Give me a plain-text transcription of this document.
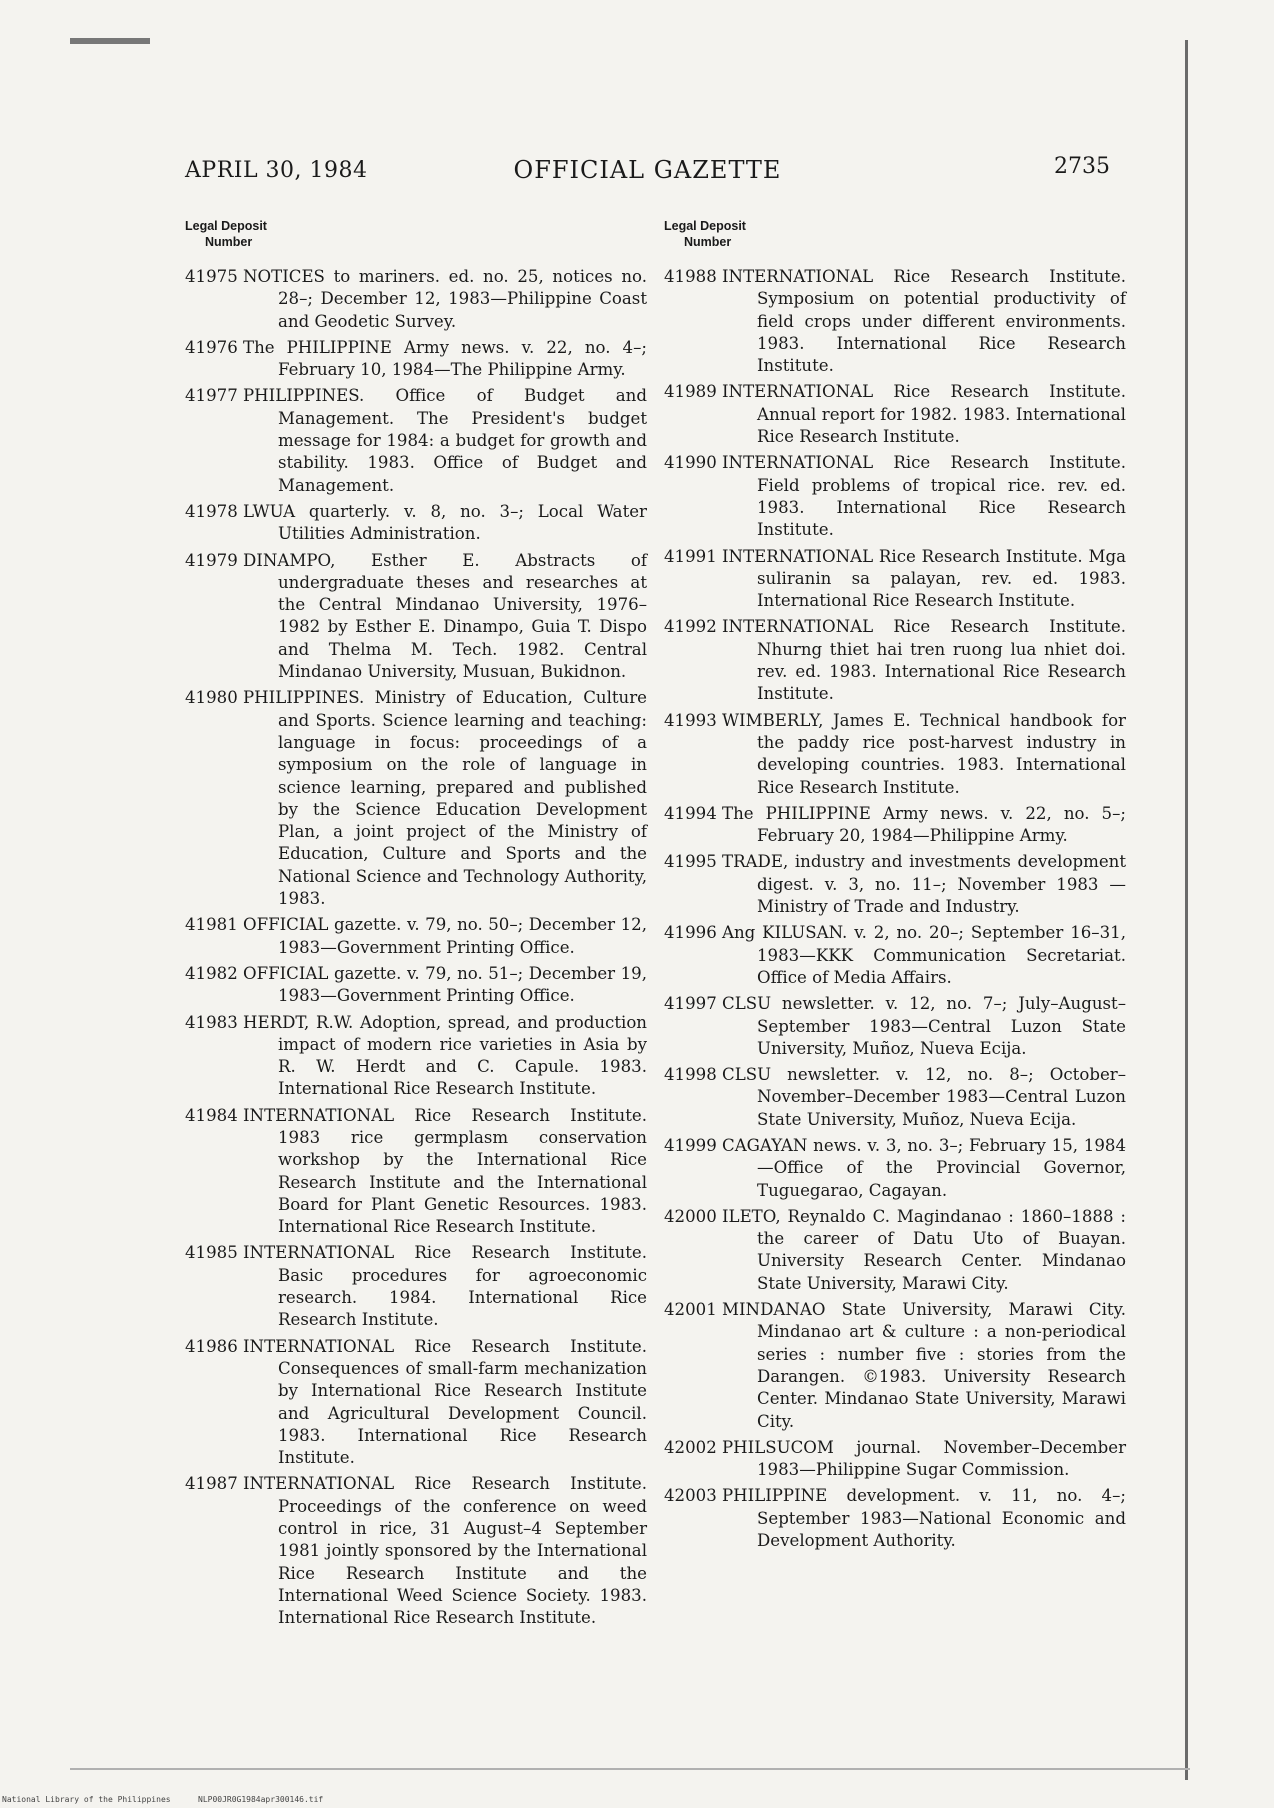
APRIL 30, 1984	OFFICIAL GAZETTE	2735
Legal Deposit
Number

41975 NOTICES to mariners. ed. no. 25, notices no. 28–; December 12, 1983—Philippine Coast and Geodetic Survey.

41976 The PHILIPPINE Army news. v. 22, no. 4–; February 10, 1984—The Philippine Army.

41977 PHILIPPINES. Office of Budget and Management. The President's budget message for 1984: a budget for growth and stability. 1983. Office of Budget and Management.

41978 LWUA quarterly. v. 8, no. 3–; Local Water Utilities Administration.

41979 DINAMPO, Esther E. Abstracts of undergraduate theses and researches at the Central Mindanao University, 1976–1982 by Esther E. Dinampo, Guia T. Dispo and Thelma M. Tech. 1982. Central Mindanao University, Musuan, Bukidnon.

41980 PHILIPPINES. Ministry of Education, Culture and Sports. Science learning and teaching: language in focus: proceedings of a symposium on the role of language in science learning, prepared and published by the Science Education Development Plan, a joint project of the Ministry of Education, Culture and Sports and the National Science and Technology Authority, 1983.

41981 OFFICIAL gazette. v. 79, no. 50–; December 12, 1983—Government Printing Office.

41982 OFFICIAL gazette. v. 79, no. 51–; December 19, 1983—Government Printing Office.

41983 HERDT, R.W. Adoption, spread, and production impact of modern rice varieties in Asia by R. W. Herdt and C. Capule. 1983. International Rice Research Institute.

41984 INTERNATIONAL Rice Research Institute. 1983 rice germplasm conservation workshop by the International Rice Research Institute and the International Board for Plant Genetic Resources. 1983. International Rice Research Institute.

41985 INTERNATIONAL Rice Research Institute. Basic procedures for agroeconomic research. 1984. International Rice Research Institute.

41986 INTERNATIONAL Rice Research Institute. Consequences of small-farm mechanization by International Rice Research Institute and Agricultural Development Council. 1983. International Rice Research Institute.

41987 INTERNATIONAL Rice Research Institute. Proceedings of the conference on weed control in rice, 31 August–4 September 1981 jointly sponsored by the International Rice Research Institute and the International Weed Science Society. 1983. International Rice Research Institute.

Legal Deposit
Number

41988 INTERNATIONAL Rice Research Institute. Symposium on potential productivity of field crops under different environments. 1983. International Rice Research Institute.

41989 INTERNATIONAL Rice Research Institute. Annual report for 1982. 1983. International Rice Research Institute.

41990 INTERNATIONAL Rice Research Institute. Field problems of tropical rice. rev. ed. 1983. International Rice Research Institute.

41991 INTERNATIONAL Rice Research Institute. Mga suliranin sa palayan, rev. ed. 1983. International Rice Research Institute.

41992 INTERNATIONAL Rice Research Institute. Nhurng thiet hai tren ruong lua nhiet doi. rev. ed. 1983. International Rice Research Institute.

41993 WIMBERLY, James E. Technical handbook for the paddy rice post-harvest industry in developing countries. 1983. International Rice Research Institute.

41994 The PHILIPPINE Army news. v. 22, no. 5–; February 20, 1984—Philippine Army.

41995 TRADE, industry and investments development digest. v. 3, no. 11–; November 1983 —Ministry of Trade and Industry.

41996 Ang KILUSAN. v. 2, no. 20–; September 16–31, 1983—KKK Communication Secretariat. Office of Media Affairs.

41997 CLSU newsletter. v. 12, no. 7–; July–August–September 1983—Central Luzon State University, Muñoz, Nueva Ecija.

41998 CLSU newsletter. v. 12, no. 8–; October–November–December 1983—Central Luzon State University, Muñoz, Nueva Ecija.

41999 CAGAYAN news. v. 3, no. 3–; February 15, 1984—Office of the Provincial Governor, Tuguegarao, Cagayan.

42000 ILETO, Reynaldo C. Magindanao : 1860–1888 : the career of Datu Uto of Buayan. University Research Center. Mindanao State University, Marawi City.

42001 MINDANAO State University, Marawi City. Mindanao art & culture : a non-periodical series : number five : stories from the Darangen. ©1983. University Research Center. Mindanao State University, Marawi City.

42002 PHILSUCOM journal. November–December 1983—Philippine Sugar Commission.

42003 PHILIPPINE development. v. 11, no. 4–; September 1983—National Economic and Development Authority.

National Library of the Philippines	NLP00JR0G1984apr300146.tif
